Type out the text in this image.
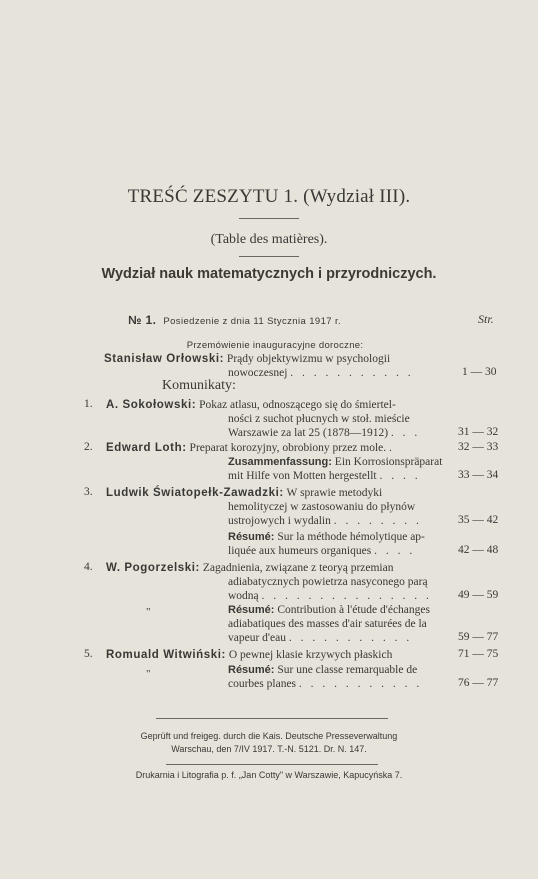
TREŚĆ ZESZYTU 1. (Wydział III).
(Table des matières).
Wydział nauk matematycznych i przyrodniczych.
№ 1. Posiedzenie z dnia 11 Stycznia 1917 r.	Str.
Przemówienie inauguracyjne doroczne:
Stanisław Orłowski: Prądy objektywizmu w psychologii
nowoczesnej . . . . . . . . . . .	1 — 30
Komunikaty:
1. A. Sokołowski: Pokaz atlasu, odnoszącego się do śmiertel-
ności z suchot płucnych w stoł. mieście
Warszawie za lat 25 (1878—1912) . . .	31 — 32
2. Edward Loth: Preparat korozyjny, obrobiony przez mole. .	32 — 33
Zusammenfassung: Ein Korrosionspräparat
mit Hilfe von Motten hergestellt . . . .	33 — 34
3. Ludwik Światopełk-Zawadzki: W sprawie metodyki
hemolityczej w zastosowaniu do płynów
ustrojowych i wydalin . . . . . . . .	35 — 42
Résumé: Sur la méthode hémolytique ap-
liquée aux humeurs organiques . . . .	42 — 48
4. W. Pogorzelski: Zagadnienia, związane z teoryą przemian
adiabatycznych powietrza nasyconego parą
wodną . . . . . . . . . . . . . . . 49 — 59
"	Résumé: Contribution à l'étude d'échanges
adiabatiques des masses d'air saturées de la
vapeur d'eau . . . . . . . . . . .	59 — 77
5. Romuald Witwiński: O pewnej klasie krzywych płaskich	71 — 75
"	Résumé: Sur une classe remarquable de
courbes planes . . . . . . . . . . .	76 — 77
Geprüft und freigeg. durch die Kais. Deutsche Presseverwaltung
Warschau, den 7/IV 1917. T.-N. 5121. Dr. N. 147.
Drukarnia i Litografia p. f. „Jan Cotty" w Warszawie, Kapucyńska 7.
